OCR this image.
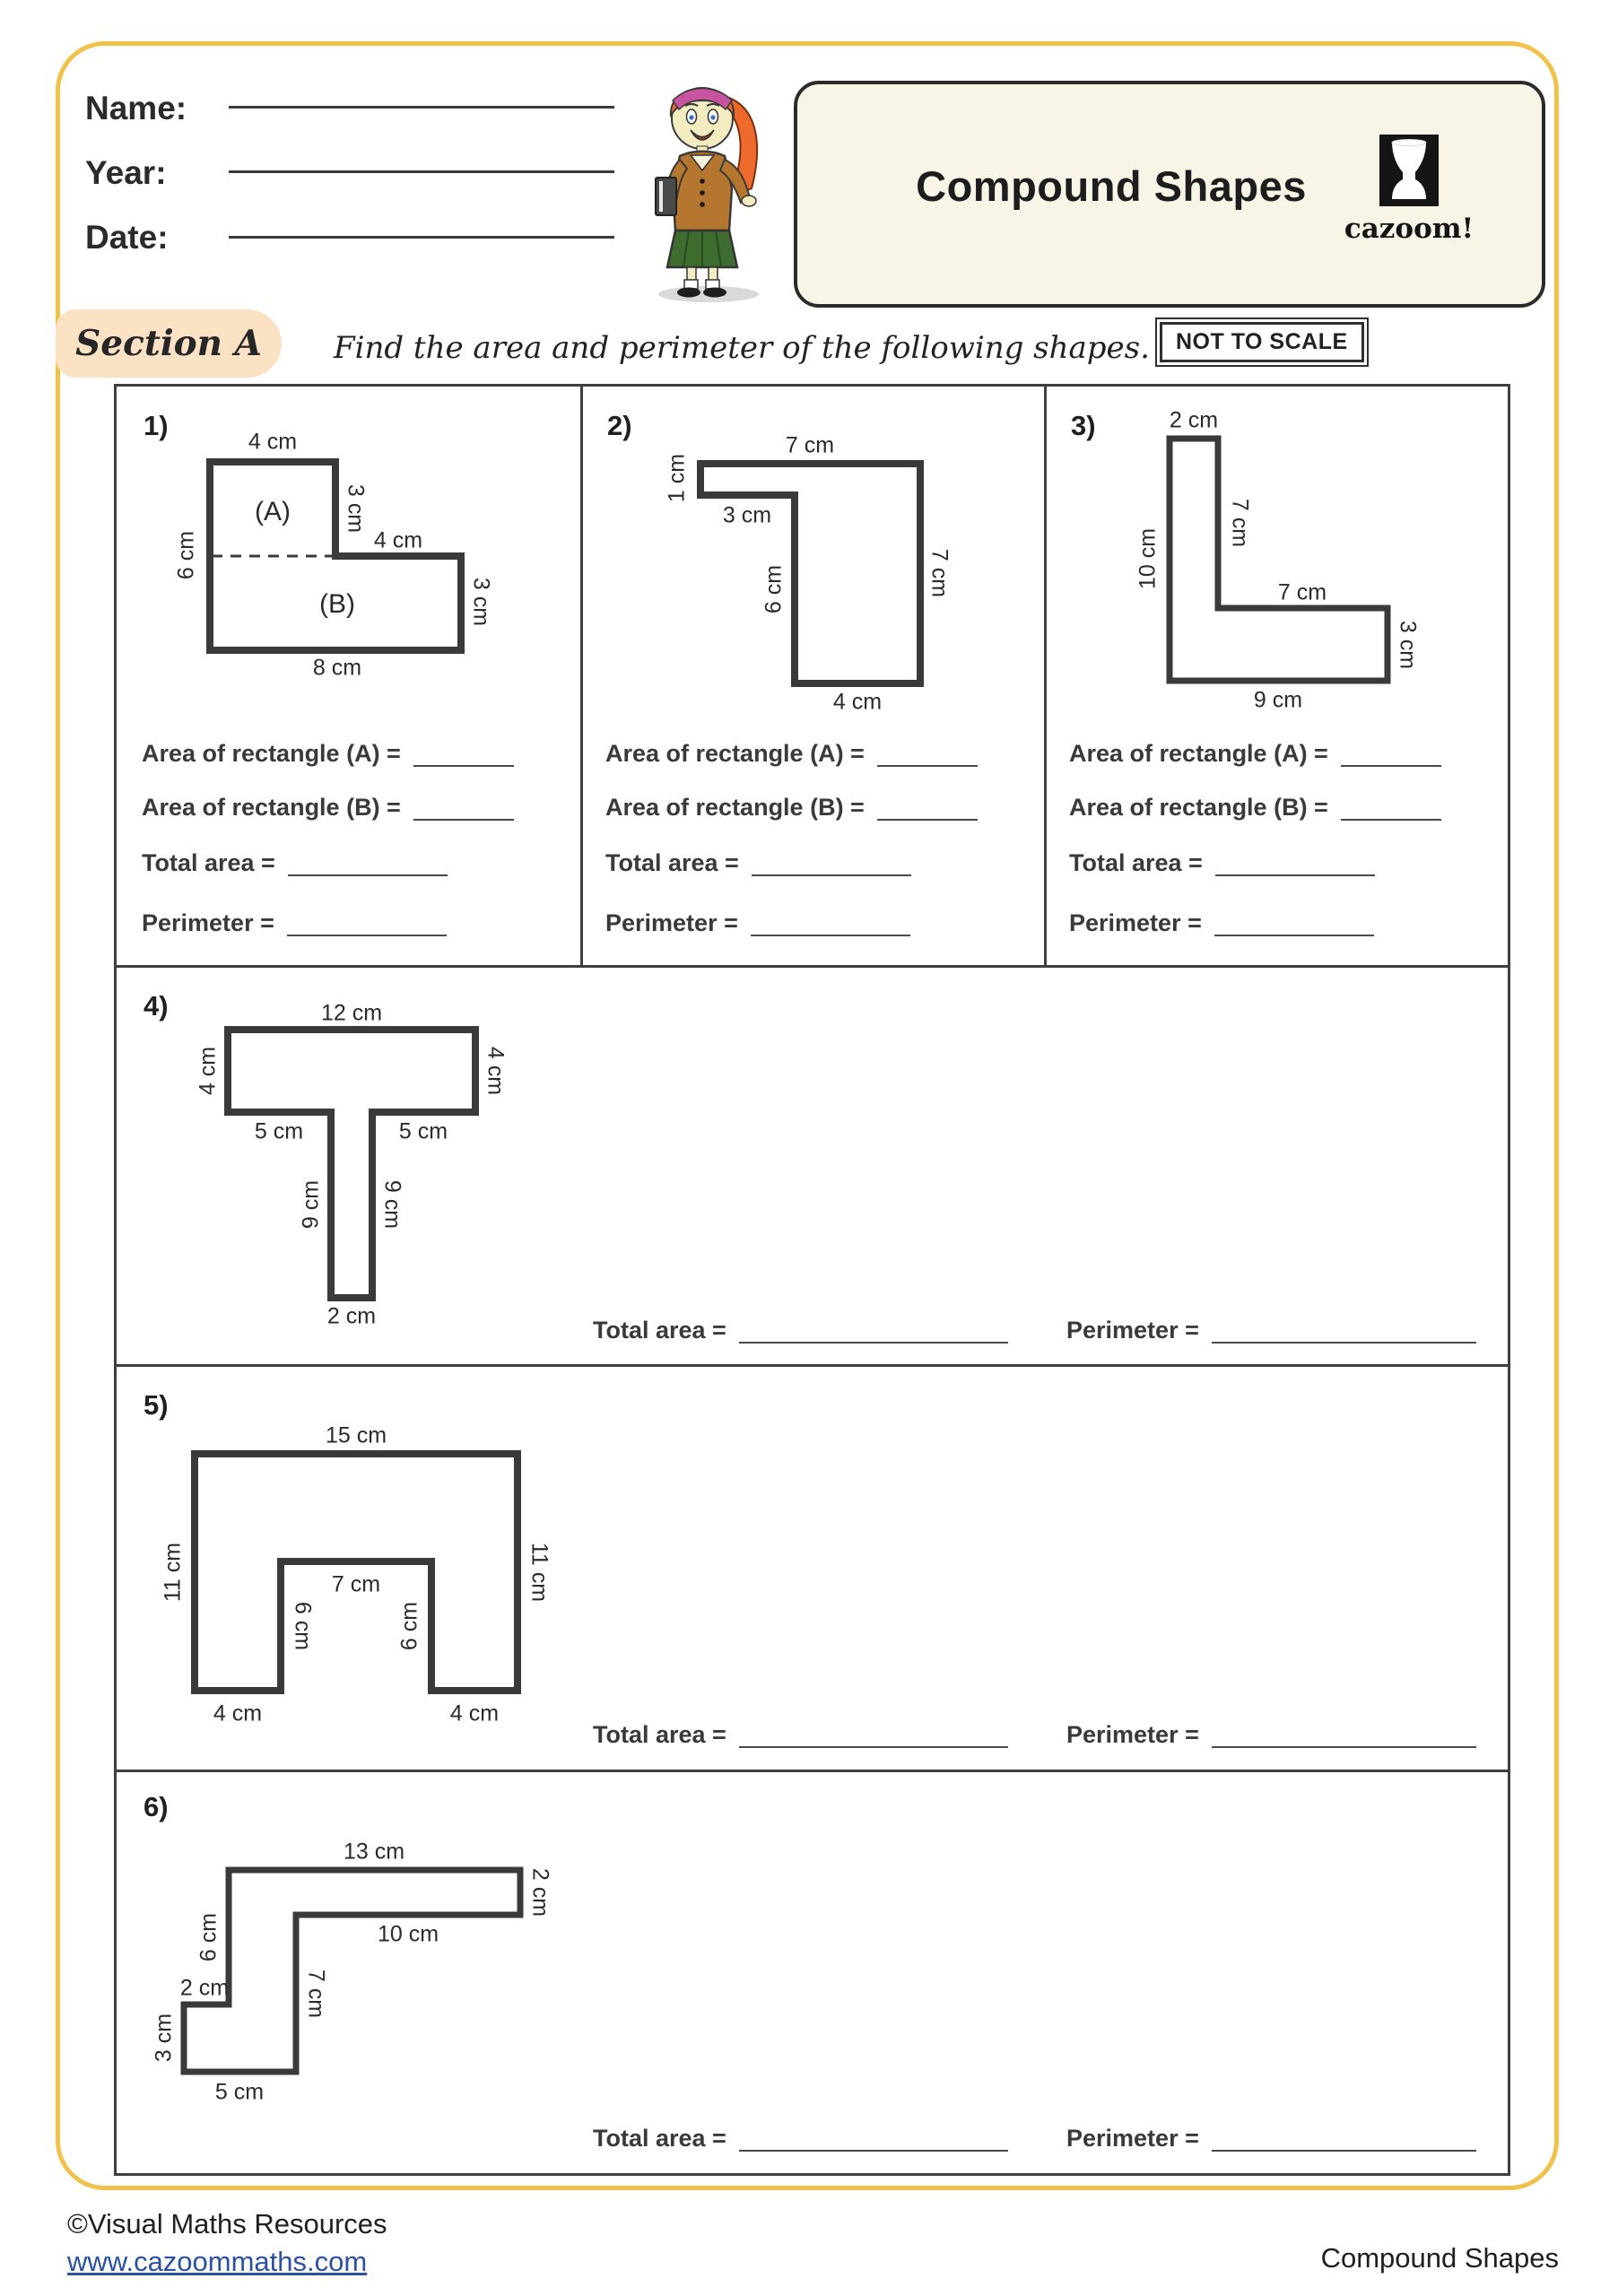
Name:
Year:
Date:
Compound Shapes
cazoom!
Section A Find the area and perimeter of the following shapes.	NOT TO SCALE
1)
(A)
(B)
4 cm
3 cm
6 cm	4 cm
3 cm
8 cm
Area of rectangle (A) =
Area of rectangle (B) =
Total area =
Perimeter =
2)
7 cm
1 cm
3 cm
6 cm	7 cm
4 cm
Area of rectangle (A) =
Area of rectangle (B) =
Total area =
Perimeter =
3)	2 cm
7 cm
10 cm
7 cm
3 cm
9 cm
Area of rectangle (A) =
Area of rectangle (B) =
Total area =
Perimeter =
4)	12 cm
4 cm	4 cm
5 cm	5 cm
9 cm	9 cm
2 cm
Total area =	Perimeter =
5)
15 cm
11 cm	11 cm
7 cm
6 cm	6 cm
4 cm	4 cm
Total area =	Perimeter =
6)
13 cm
2 cm
10 cm
6 cm
7 cm
2 cm
3 cm
5 cm
Total area =	Perimeter =
©Visual Maths Resources
www.cazoommaths.com	Compound Shapes
